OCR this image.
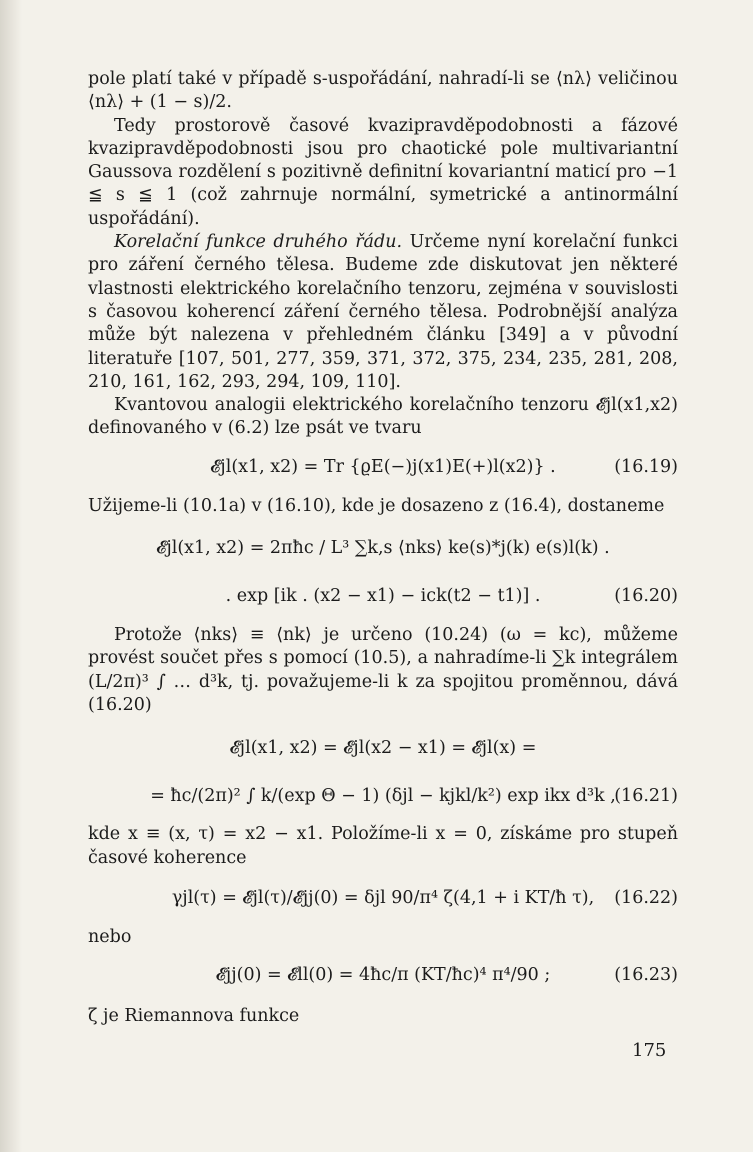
pole platí také v případě s-uspořádání, nahradí-li se ⟨nλ⟩ veličinou ⟨nλ⟩ + (1 − s)/2.

Tedy prostorově časové kvazipravděpodobnosti a fázové kvazipravděpodobnosti jsou pro chaotické pole multivariantní Gaussova rozdělení s pozitivně definitní kovariantní maticí pro −1 ≦ s ≦ 1 (což zahrnuje normální, symetrické a antinormální uspořádání).

Korelační funkce druhého řádu. Určeme nyní korelační funkci pro záření černého tělesa. Budeme zde diskutovat jen některé vlastnosti elektrického korelačního tenzoru, zejména v souvislosti s časovou koherencí záření černého tělesa. Podrobnější analýza může být nalezena v přehledném článku [349] a v původní literatuře [107, 501, 277, 359, 371, 372, 375, 234, 235, 281, 208, 210, 161, 162, 293, 294, 109, 110].

Kvantovou analogii elektrického korelačního tenzoru 𝓔jl(x1,x2) definovaného v (6.2) lze psát ve tvaru

𝓔jl(x1, x2) = Tr {ϱE(−)j(x1)E(+)l(x2)} .	(16.19)

Užijeme-li (10.1a) v (16.10), kde je dosazeno z (16.4), dostaneme

𝓔jl(x1, x2) = 2πħc / L³ ∑k,s ⟨nks⟩ ke(s)*j(k) e(s)l(k) .
. exp [ik . (x2 − x1) − ick(t2 − t1)] .	(16.20)

Protože ⟨nks⟩ ≡ ⟨nk⟩ je určeno (10.24) (ω = kc), můžeme provést součet přes s pomocí (10.5), a nahradíme-li ∑k integrálem (L/2π)³ ∫ … d³k, tj. považujeme-li k za spojitou proměnnou, dává (16.20)

𝓔jl(x1, x2) = 𝓔jl(x2 − x1) = 𝓔jl(x) =
= ħc/(2π)² ∫ k/(exp Θ − 1) (δjl − kjkl/k²) exp ikx d³k ,
(16.21)

kde x ≡ (x, τ) = x2 − x1. Položíme-li x = 0, získáme pro stupeň časové koherence

γjl(τ) = 𝓔jl(τ)/𝓔jj(0) = δjl 90/π⁴ ζ(4,1 + i KT/ħ τ),	(16.22)

nebo

𝓔jj(0) = 𝓔ll(0) = 4ħc/π (KT/ħc)⁴ π⁴/90 ;	(16.23)

ζ je Riemannova funkce

175
